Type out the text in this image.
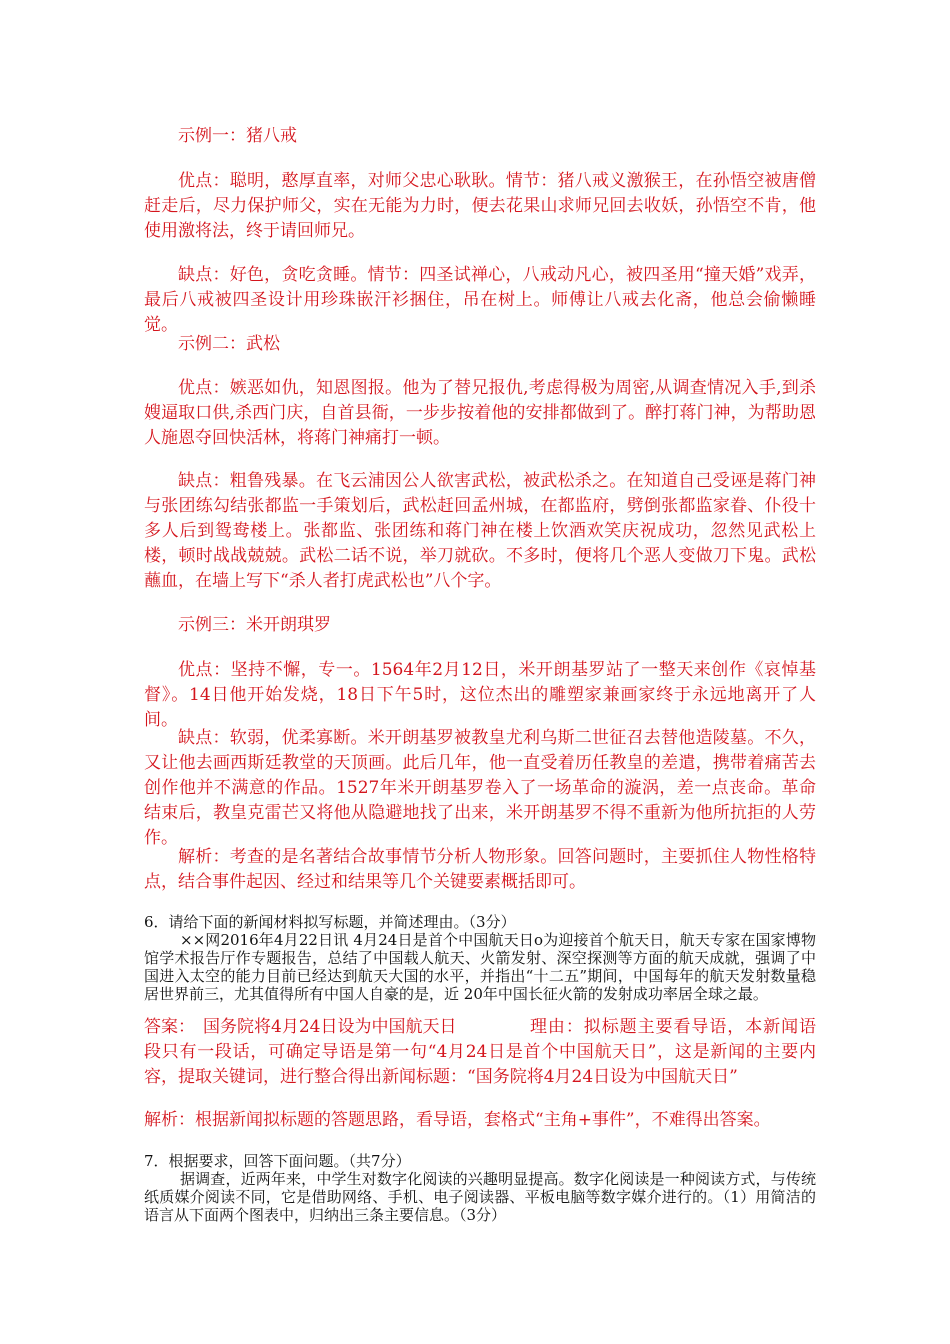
示例一：猪八戒

优点：聪明，憨厚直率，对师父忠心耿耿。情节：猪八戒义激猴王，在孙悟空被唐僧赶走后，尽力保护师父，实在无能为力时，便去花果山求师兄回去收妖，孙悟空不肯，他使用激将法，终于请回师兄。

缺点：好色，贪吃贪睡。情节：四圣试禅心，八戒动凡心，被四圣用“撞天婚”戏弄，最后八戒被四圣设计用珍珠嵌汗衫捆住，吊在树上。师傅让八戒去化斋，他总会偷懒睡觉。

示例二：武松

优点：嫉恶如仇，知恩图报。他为了替兄报仇,考虑得极为周密,从调查情况入手,到杀嫂逼取口供,杀西门庆，自首县衙，一步步按着他的安排都做到了。醉打蒋门神，为帮助恩人施恩夺回快活林，将蒋门神痛打一顿。

缺点：粗鲁残暴。在飞云浦因公人欲害武松，被武松杀之。在知道自己受诬是蒋门神与张团练勾结张都监一手策划后，武松赶回孟州城，在都监府，劈倒张都监家眷、仆役十多人后到鸳鸯楼上。张都监、张团练和蒋门神在楼上饮酒欢笑庆祝成功，忽然见武松上楼，顿时战战兢兢。武松二话不说，举刀就砍。不多时，便将几个恶人变做刀下鬼。武松蘸血，在墙上写下“杀人者打虎武松也”八个字。

示例三：米开朗琪罗

优点：坚持不懈，专一。1564年2月12日，米开朗基罗站了一整天来创作《哀悼基督》。14日他开始发烧，18日下午5时，这位杰出的雕塑家兼画家终于永远地离开了人间。

缺点：软弱，优柔寡断。米开朗基罗被教皇尤利乌斯二世征召去替他造陵墓。不久，又让他去画西斯廷教堂的天顶画。此后几年，他一直受着历任教皇的差遣，携带着痛苦去创作他并不满意的作品。1527年米开朗基罗卷入了一场革命的漩涡，差一点丧命。革命结束后，教皇克雷芒又将他从隐避地找了出来，米开朗基罗不得不重新为他所抗拒的人劳作。

解析：考查的是名著结合故事情节分析人物形象。回答问题时，主要抓住人物性格特点，结合事件起因、经过和结果等几个关键要素概括即可。

6．请给下面的新闻材料拟写标题，并简述理由。（3分）

××网2016年4月22日讯 4月24日是首个中国航天日ο为迎接首个航天日，航天专家在国家博物馆学术报告厅作专题报告，总结了中国载人航天、火箭发射、深空探测等方面的航天成就，强调了中国进入太空的能力目前已经达到航天大国的水平，并指出“十二五”期间，中国每年的航天发射数量稳居世界前三，尤其值得所有中国人自豪的是，近 20年中国长征火箭的发射成功率居全球之最。

答案： 国务院将4月24日设为中国航天日	理由：拟标题主要看导语，本新闻语段只有一段话，可确定导语是第一句“4月24日是首个中国航天日”，这是新闻的主要内容，提取关键词，进行整合得出新闻标题：“国务院将4月24日设为中国航天日”

解析：根据新闻拟标题的答题思路，看导语，套格式“主角+事件”，不难得出答案。

7．根据要求，回答下面问题。（共7分）

据调查，近两年来，中学生对数字化阅读的兴趣明显提高。数字化阅读是一种阅读方式，与传统纸质媒介阅读不同，它是借助网络、手机、电子阅读器、平板电脑等数字媒介进行的。（1）用简洁的语言从下面两个图表中，归纳出三条主要信息。（3分）
